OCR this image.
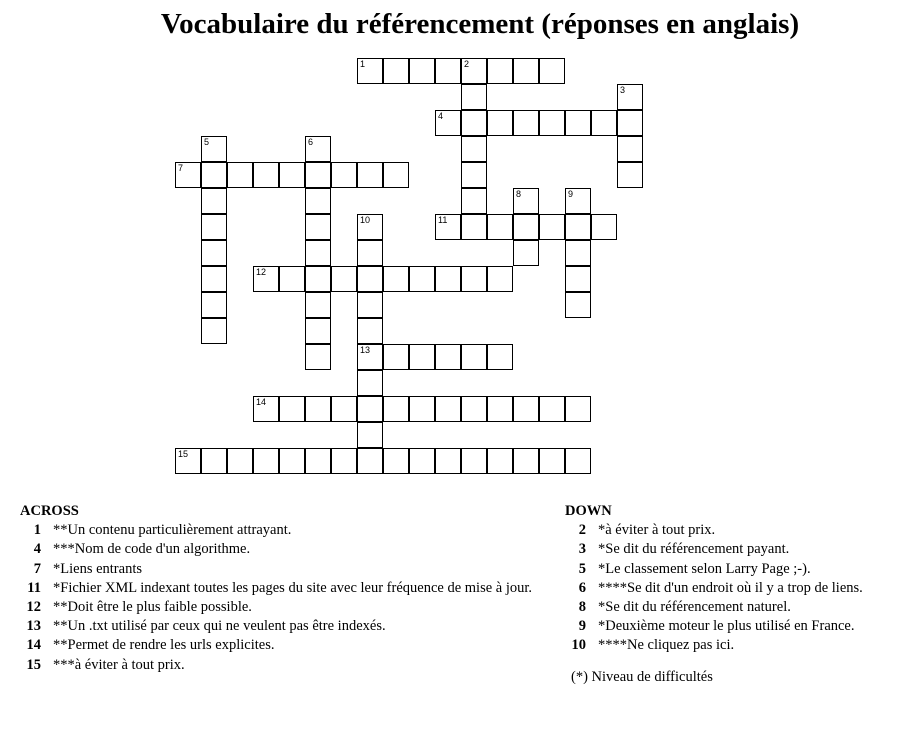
Vocabulaire du référencement (réponses en anglais)
1	2
3
4
5	6
7
8	9
10
13
11
12
14
15
ACROSS
1 **Un contenu particulièrement attrayant.
4 ***Nom de code d'un algorithme.
7 *Liens entrants
11 *Fichier XML indexant toutes les pages du site avec leur fréquence de mise à jour.
12 **Doit être le plus faible possible.
13 **Un .txt utilisé par ceux qui ne veulent pas être indexés.
14 **Permet de rendre les urls explicites.
15 ***à éviter à tout prix.
DOWN
2 *à éviter à tout prix.
3 *Se dit du référencement payant.
5 *Le classement selon Larry Page ;-).
6 ****Se dit d'un endroit où il y a trop de liens.
8 *Se dit du référencement naturel.
9 *Deuxième moteur le plus utilisé en France.
10 ****Ne cliquez pas ici.
(*) Niveau de difficultés
